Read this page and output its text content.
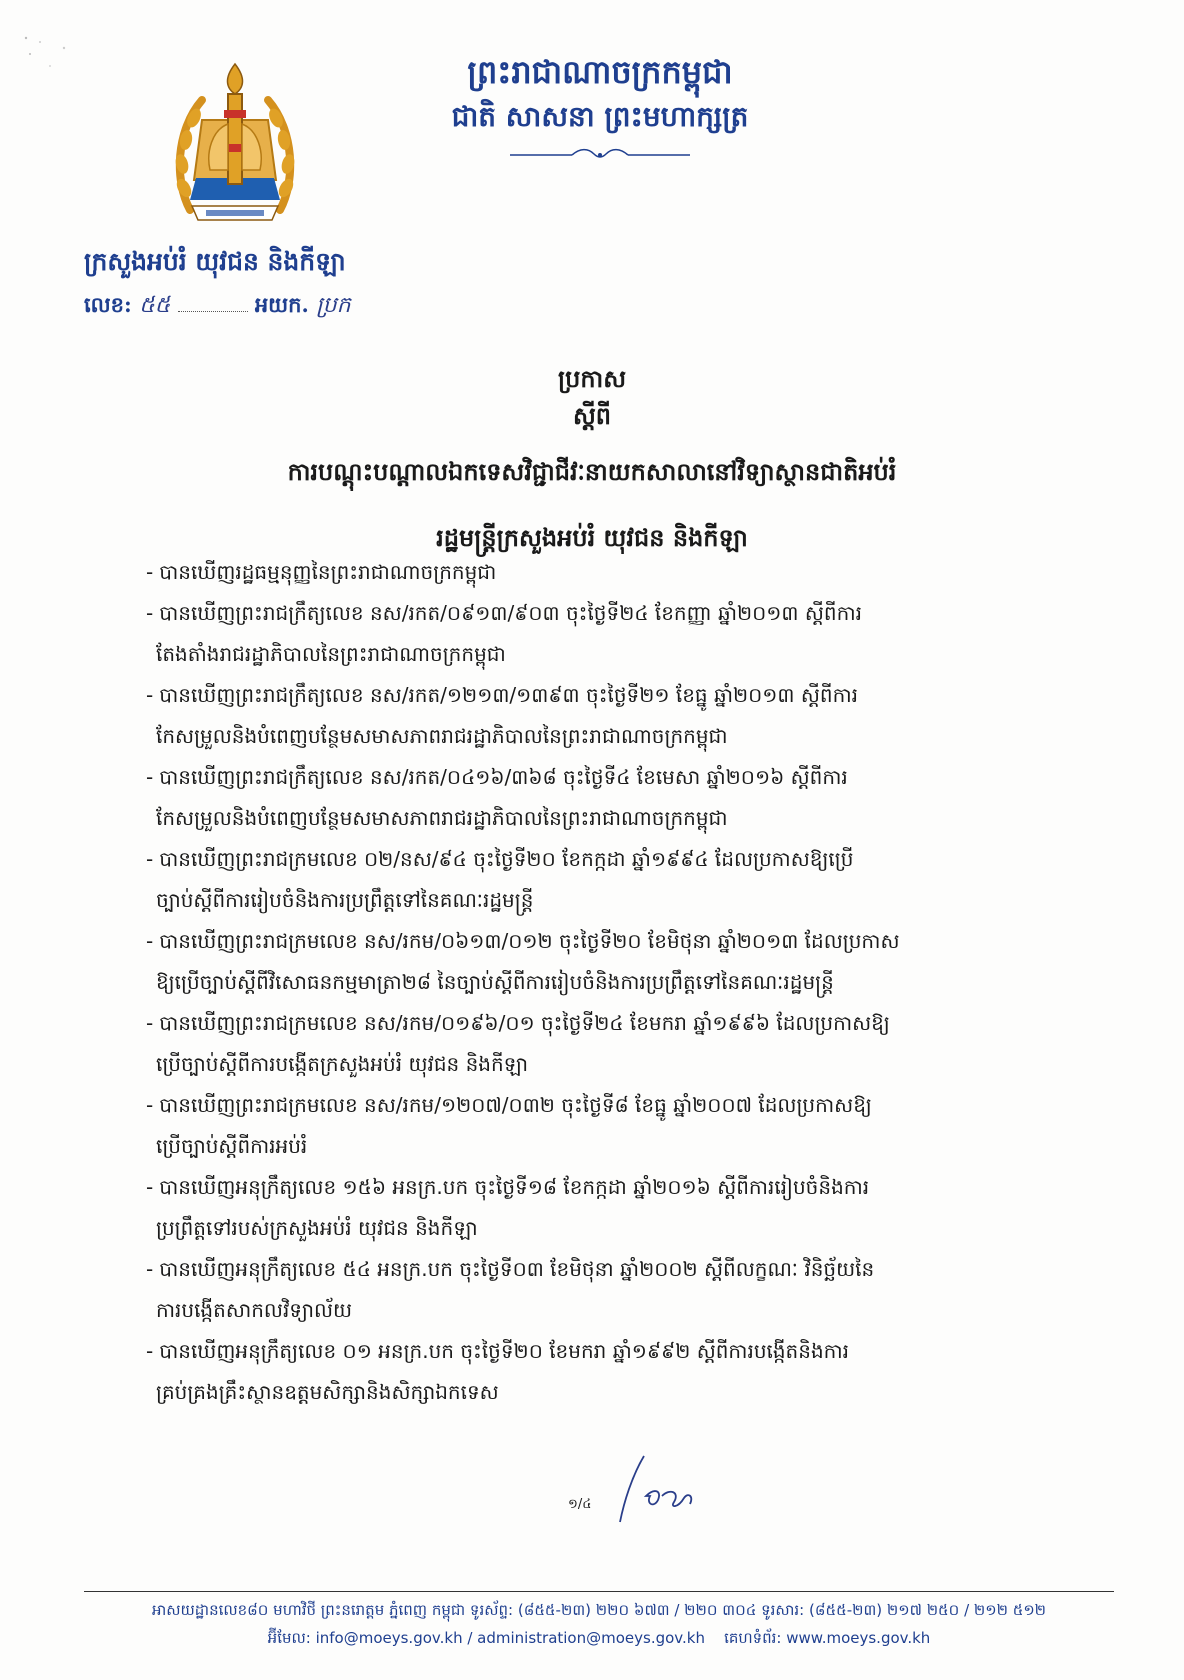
ព្រះរាជាណាចក្រកម្ពុជា
ជាតិ សាសនា ព្រះមហាក្សត្រ
ក្រសួងអប់រំ យុវជន និងកីឡា
លេខ: ៥៥	អយក. ប្រក
ប្រកាស
ស្តីពី
ការបណ្តុះបណ្តាលឯកទេសវិជ្ជាជីវៈនាយកសាលានៅវិទ្យាស្ថានជាតិអប់រំ
រដ្ឋមន្ត្រីក្រសួងអប់រំ យុវជន និងកីឡា
- បានឃើញរដ្ឋធម្មនុញ្ញនៃព្រះរាជាណាចក្រកម្ពុជា
- បានឃើញព្រះរាជក្រឹត្យលេខ នស/រកត/០៩១៣/៩០៣ ចុះថ្ងៃទី២៤ ខែកញ្ញា ឆ្នាំ២០១៣ ស្តីពីការ
តែងតាំងរាជរដ្ឋាភិបាលនៃព្រះរាជាណាចក្រកម្ពុជា
- បានឃើញព្រះរាជក្រឹត្យលេខ នស/រកត/១២១៣/១៣៩៣ ចុះថ្ងៃទី២១ ខែធ្នូ ឆ្នាំ២០១៣ ស្តីពីការ
កែសម្រួលនិងបំពេញបន្ថែមសមាសភាពរាជរដ្ឋាភិបាលនៃព្រះរាជាណាចក្រកម្ពុជា
- បានឃើញព្រះរាជក្រឹត្យលេខ នស/រកត/០៤១៦/៣៦៨ ចុះថ្ងៃទី៤ ខែមេសា ឆ្នាំ២០១៦ ស្តីពីការ
កែសម្រួលនិងបំពេញបន្ថែមសមាសភាពរាជរដ្ឋាភិបាលនៃព្រះរាជាណាចក្រកម្ពុជា
- បានឃើញព្រះរាជក្រមលេខ ០២/នស/៩៤ ចុះថ្ងៃទី២០ ខែកក្កដា ឆ្នាំ១៩៩៤ ដែលប្រកាសឱ្យប្រើ
ច្បាប់ស្តីពីការរៀបចំនិងការប្រព្រឹត្តទៅនៃគណៈរដ្ឋមន្ត្រី
- បានឃើញព្រះរាជក្រមលេខ នស/រកម/០៦១៣/០១២ ចុះថ្ងៃទី២០ ខែមិថុនា ឆ្នាំ២០១៣ ដែលប្រកាស
ឱ្យប្រើច្បាប់ស្តីពីវិសោធនកម្មមាត្រា២៨ នៃច្បាប់ស្តីពីការរៀបចំនិងការប្រព្រឹត្តទៅនៃគណៈរដ្ឋមន្ត្រី
- បានឃើញព្រះរាជក្រមលេខ នស/រកម/០១៩៦/០១ ចុះថ្ងៃទី២៤ ខែមករា ឆ្នាំ១៩៩៦ ដែលប្រកាសឱ្យ
ប្រើច្បាប់ស្តីពីការបង្កើតក្រសួងអប់រំ យុវជន និងកីឡា
- បានឃើញព្រះរាជក្រមលេខ នស/រកម/១២០៧/០៣២ ចុះថ្ងៃទី៨ ខែធ្នូ ឆ្នាំ២០០៧ ដែលប្រកាសឱ្យ
ប្រើច្បាប់ស្តីពីការអប់រំ
- បានឃើញអនុក្រឹត្យលេខ ១៥៦ អនក្រ.បក ចុះថ្ងៃទី១៨ ខែកក្កដា ឆ្នាំ២០១៦ ស្តីពីការរៀបចំនិងការ
ប្រព្រឹត្តទៅរបស់ក្រសួងអប់រំ យុវជន និងកីឡា
- បានឃើញអនុក្រឹត្យលេខ ៥៤ អនក្រ.បក ចុះថ្ងៃទី០៣ ខែមិថុនា ឆ្នាំ២០០២ ស្តីពីលក្ខណៈ វិនិច្ឆ័យនៃ
ការបង្កើតសាកលវិទ្យាល័យ
- បានឃើញអនុក្រឹត្យលេខ ០១ អនក្រ.បក ចុះថ្ងៃទី២០ ខែមករា ឆ្នាំ១៩៩២ ស្តីពីការបង្កើតនិងការ
គ្រប់គ្រងគ្រឹះស្ថានឧត្តមសិក្សានិងសិក្សាឯកទេស
១/៤
អាសយដ្ឋានលេខ៨០ មហាវិថី ព្រះនរោត្តម ភ្នំពេញ កម្ពុជា ទូរស័ព្ទ: (៨៥៥-២៣) ២២០ ៦៧៣ / ២២០ ៣០៤ ទូរសារ: (៨៥៥-២៣) ២១៧ ២៥០ / ២១២ ៥១២
អ៊ីមែល: info@moeys.gov.kh / administration@moeys.gov.kh គេហទំព័រ: www.moeys.gov.kh
